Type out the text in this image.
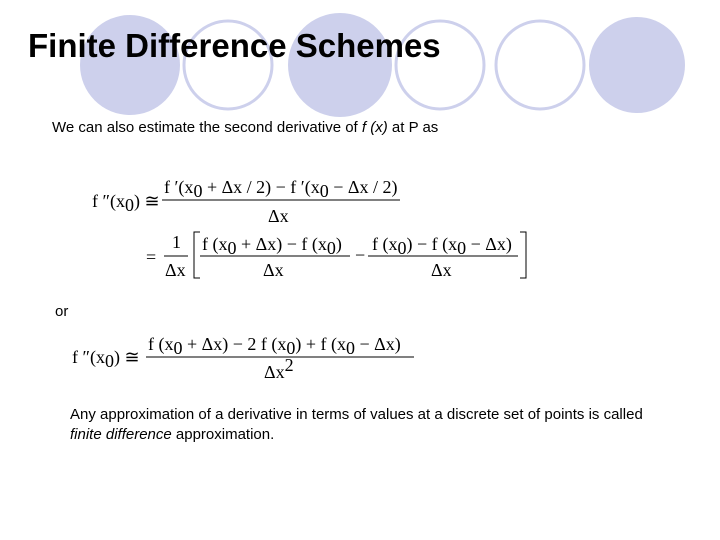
Finite Difference Schemes
We can also estimate the second derivative of f (x) at P as
f ″(x0) ≅
f ′(x0 + Δx / 2) − f ′(x0 − Δx / 2)
Δx
=
1
Δx
f (x0 + Δx) − f (x0)
Δx
−
f (x0) − f (x0 − Δx)
Δx
or
f ″(x0) ≅
f (x0 + Δx) − 2 f (x0) + f (x0 − Δx)
Δx2
Any approximation of a derivative in terms of values at a discrete set of points is called finite difference approximation.
